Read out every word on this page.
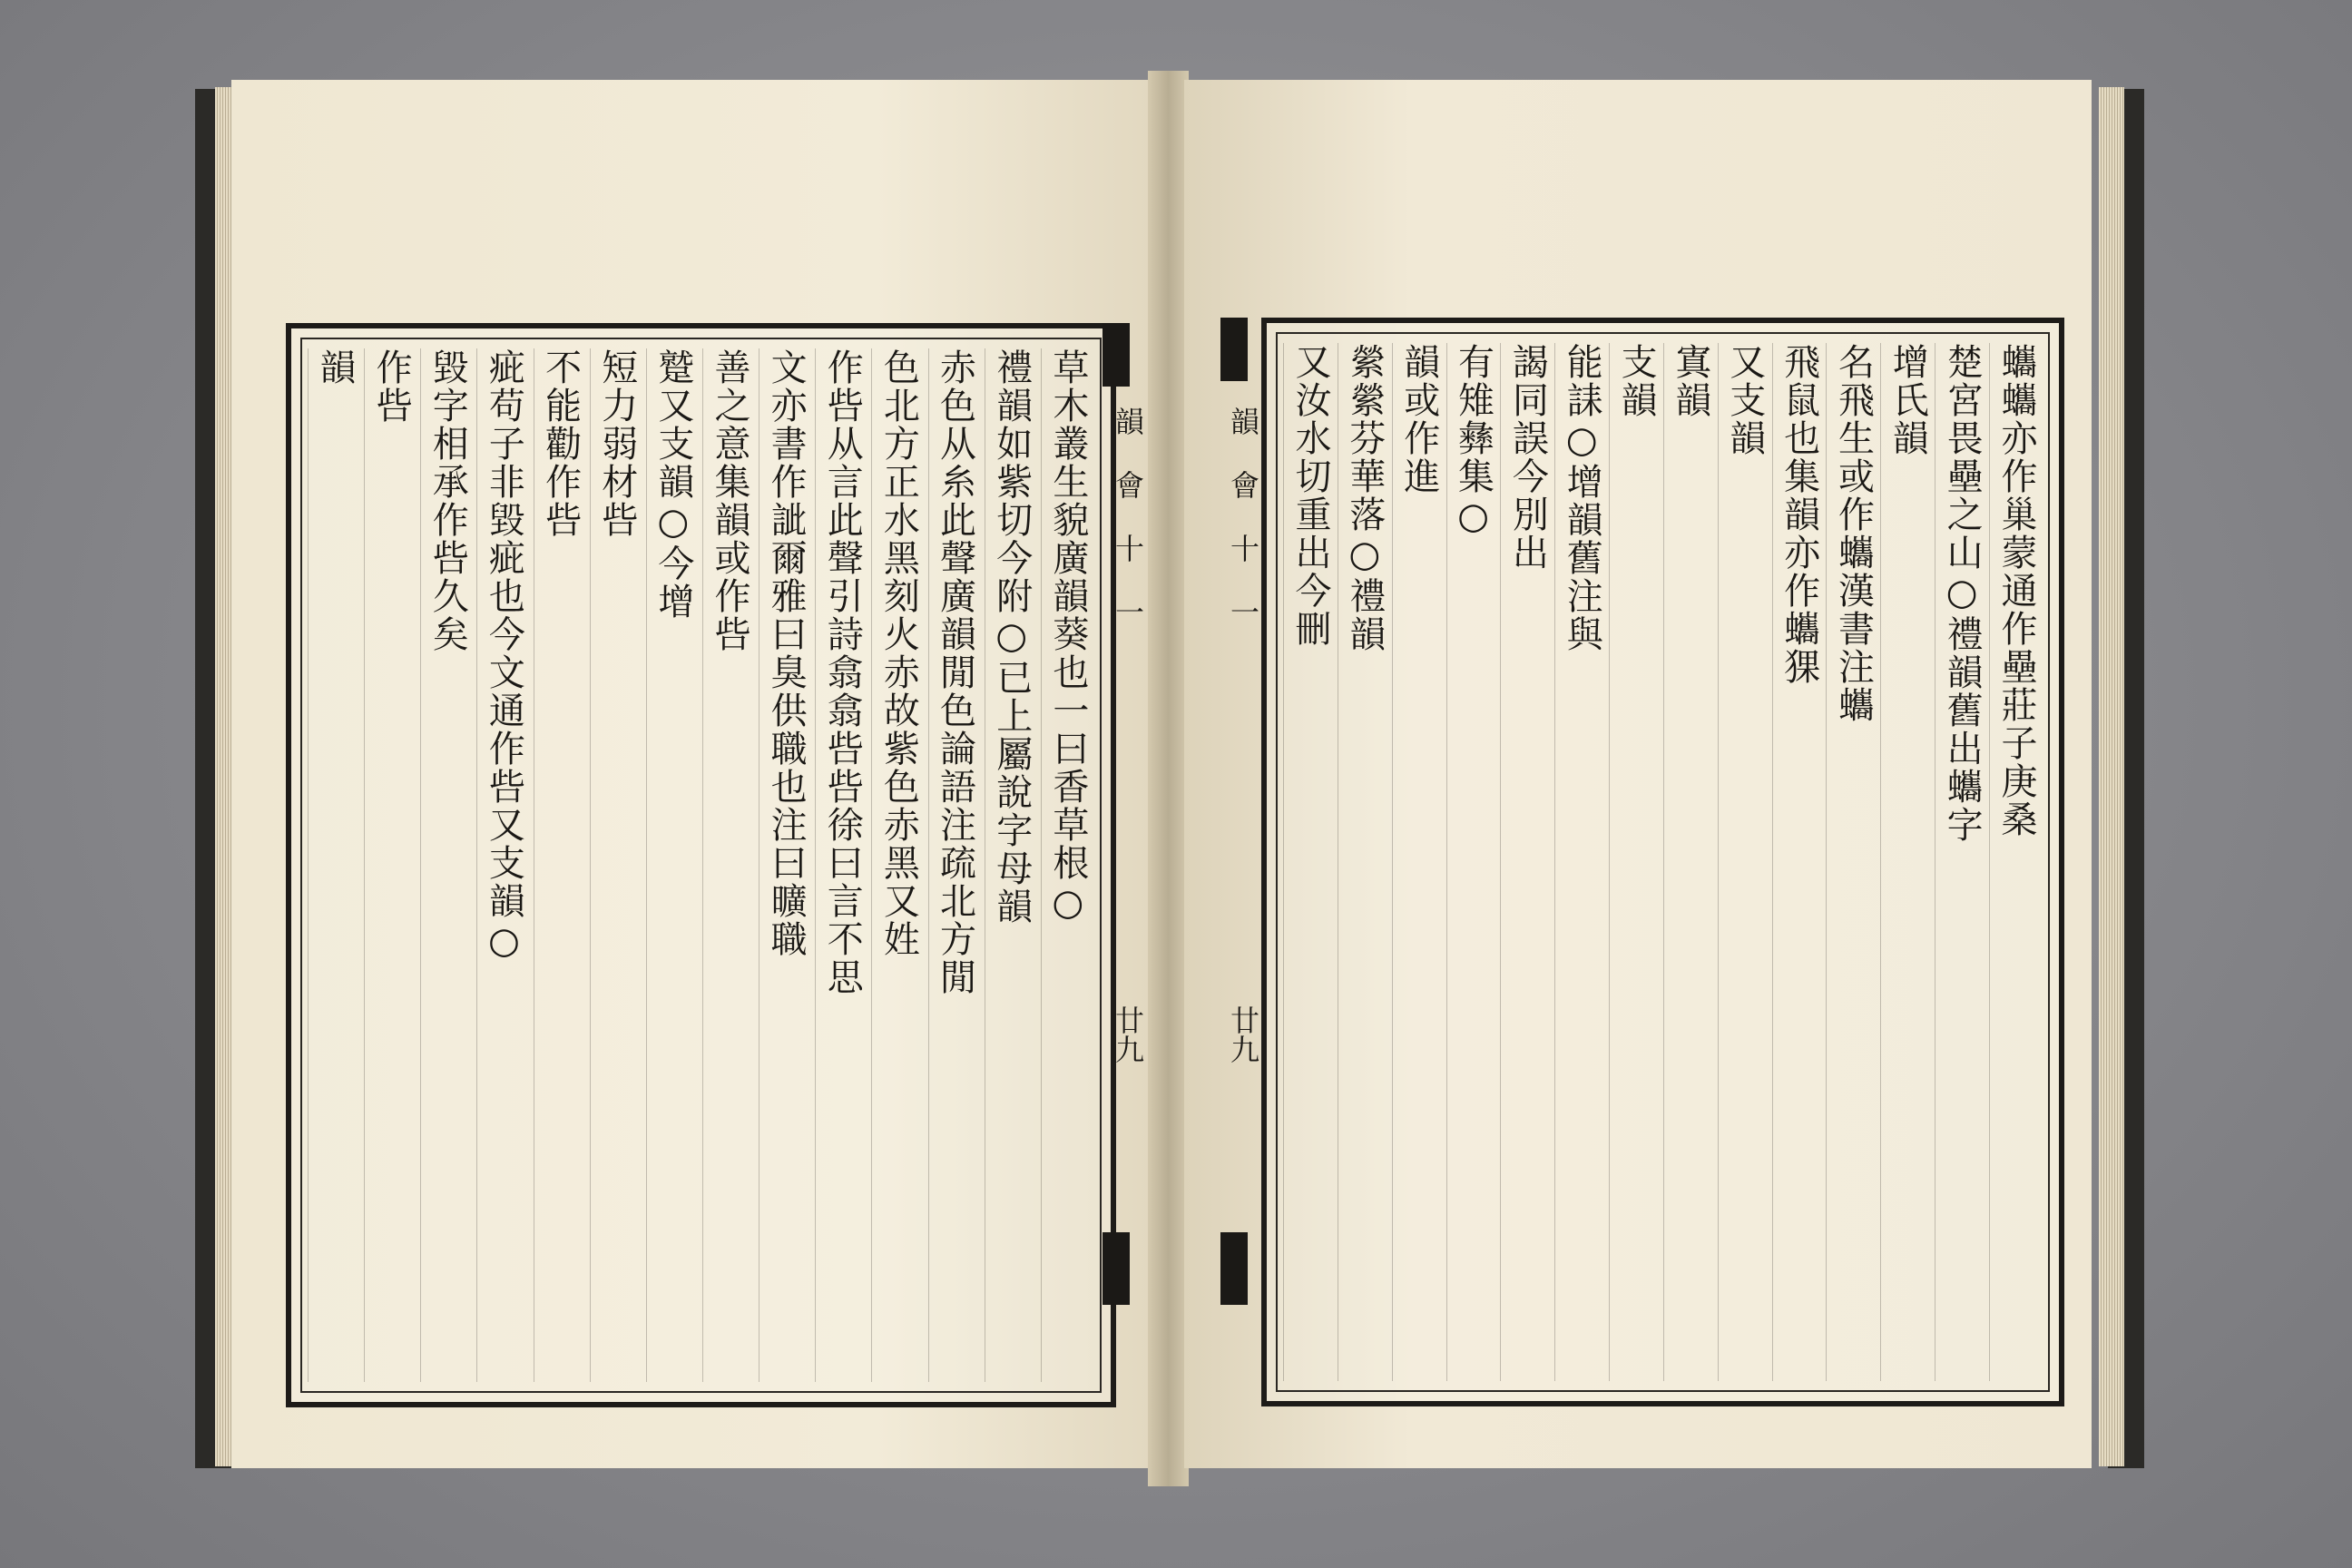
草木叢生貌廣韻葵也一曰香草根○
禮韻如紫切今附○已上屬說字母韻
赤色从糸此聲廣韻閒色論語注疏北方閒
色北方正水黑刻火赤故紫色赤黑又姓
作呰从言此聲引詩翕翕呰呰徐曰言不思
文亦書作訿爾雅曰臭供職也注曰曠職
善之意集韻或作呰
蹵又支韻○今增
短力弱材呰
不能勸作呰
疵苟子非毀疵也今文通作呰又支韻○
毀字相承作呰久矣
作呰
韻
韻 會 十 一
廿九
蠵蠵亦作巢蒙通作壘莊子庚桑
楚宮畏壘之山○禮韻舊出蠵字
增氏韻
名飛生或作蠵漢書注蠵
飛鼠也集韻亦作蠵猓
又支韻
寘韻
支韻
能誄○增韻舊注與
謁同誤今別出
有雉彝集○
韻或作進
縈縈芬華落○禮韻
又汝水切重出今刪
韻 會 十 一
廿九
